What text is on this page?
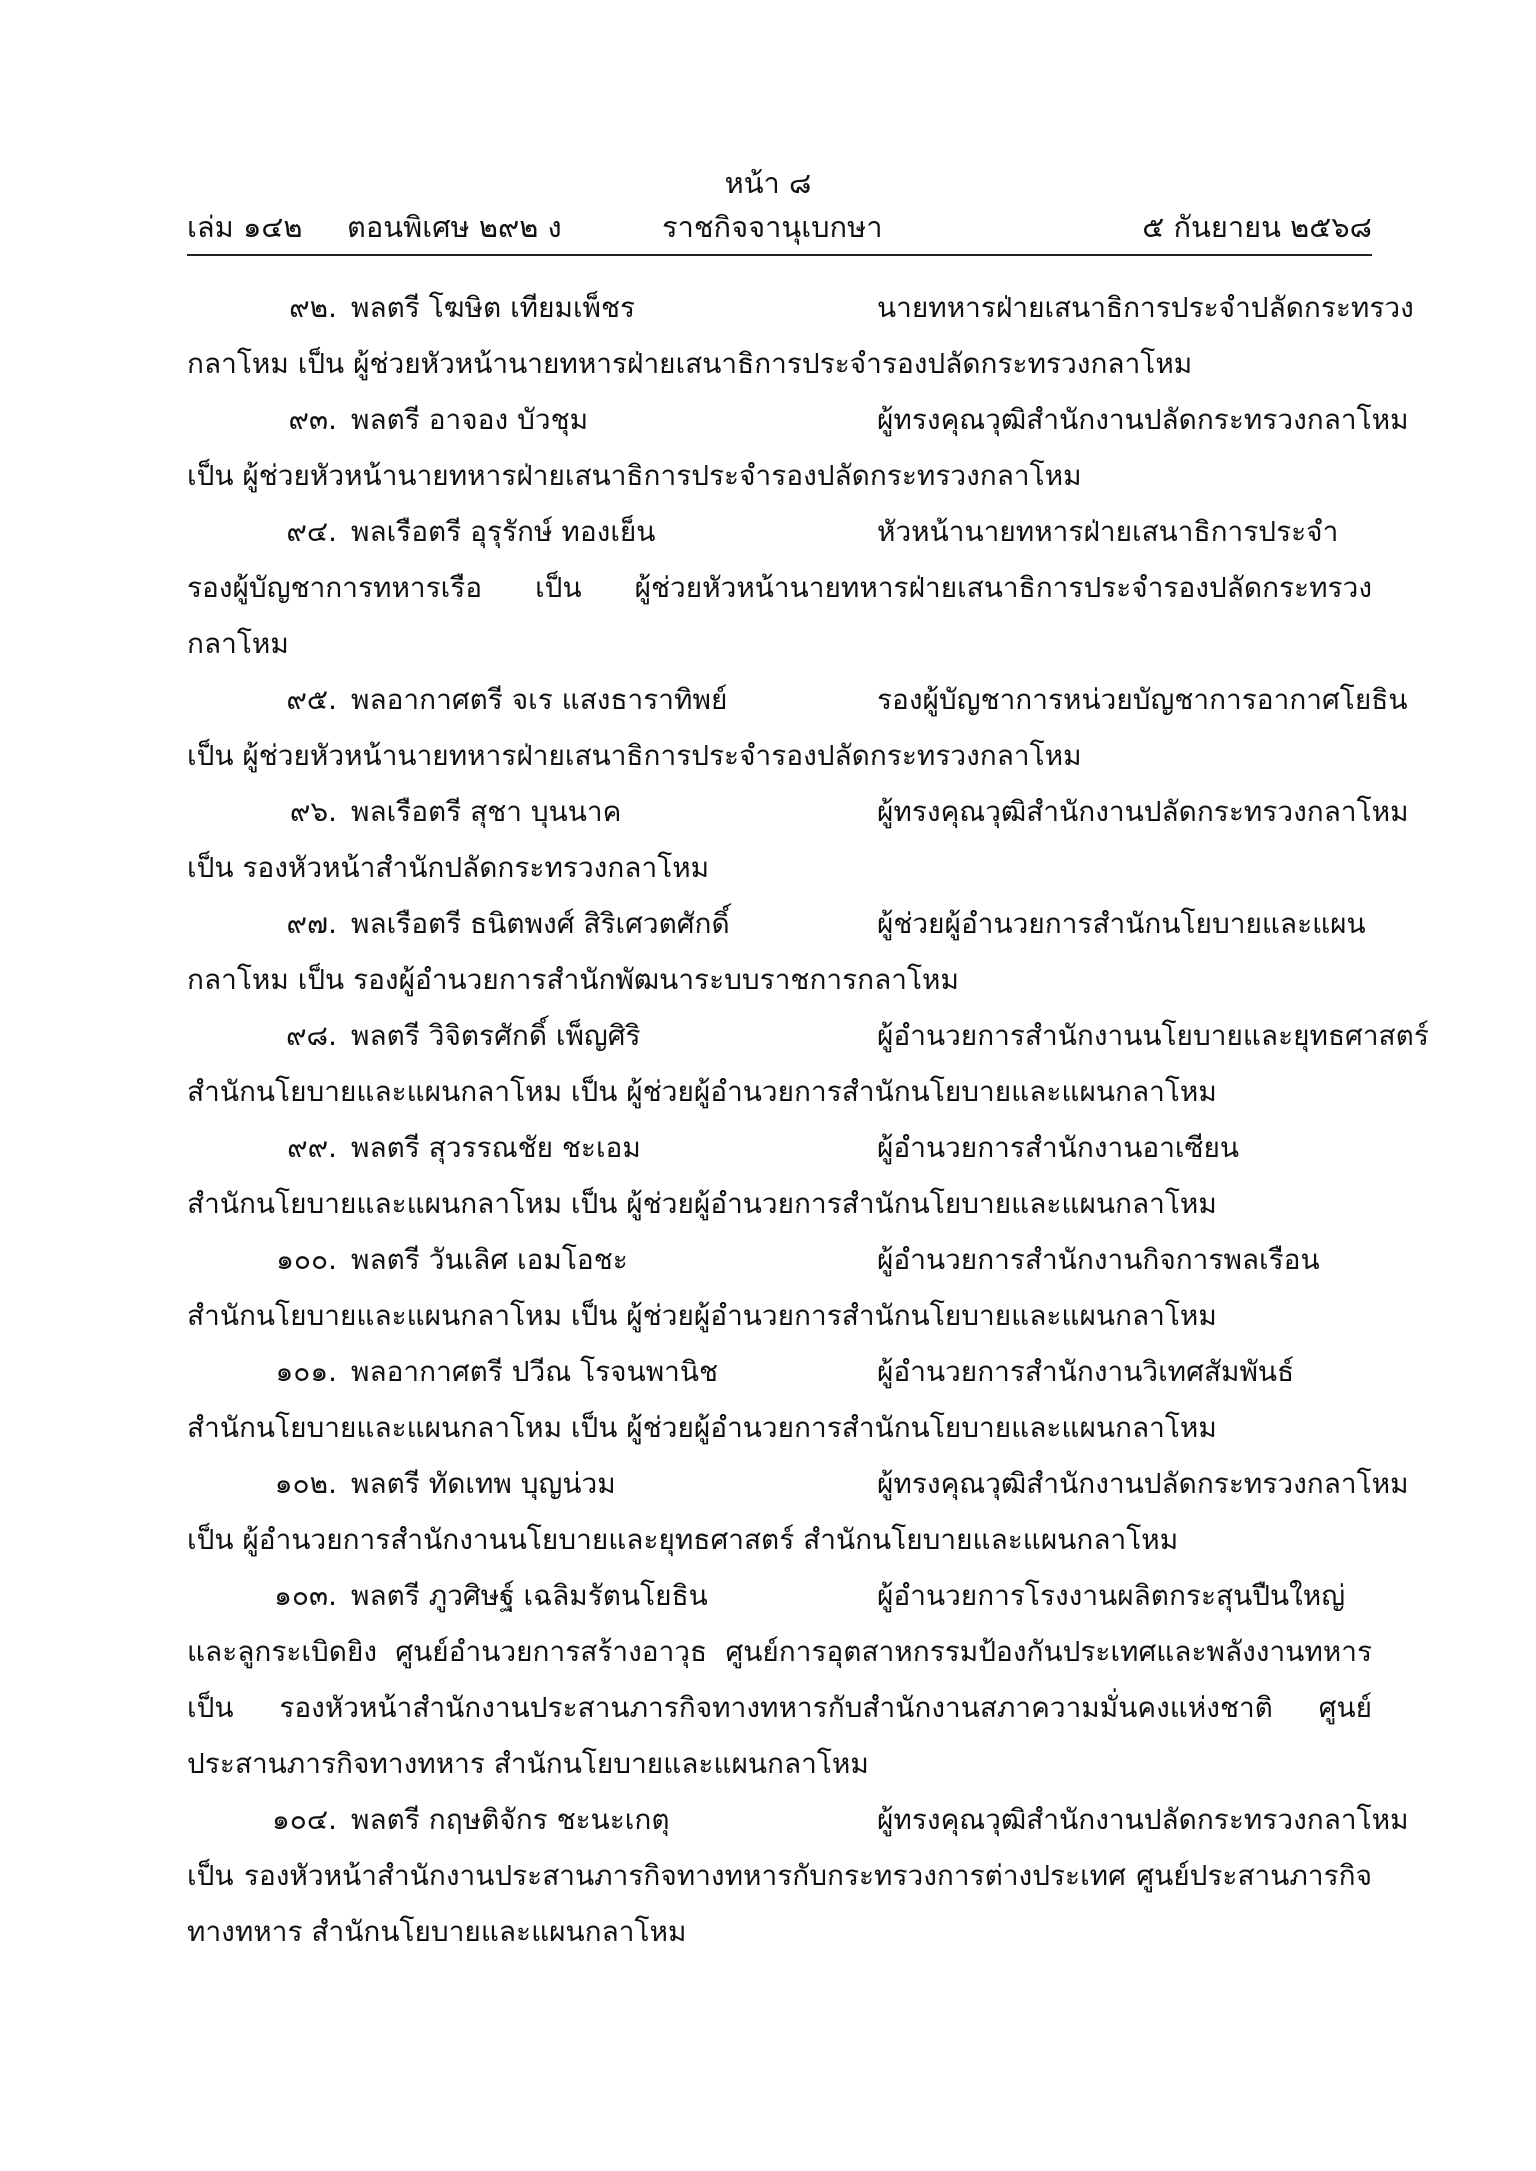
หน้า ๘
เล่ม ๑๔๒ ตอนพิเศษ ๒๙๒ ง	ราชกิจจานุเบกษา	๕ กันยายน ๒๕๖๘
๙๒. พลตรี โฆษิต เทียมเพ็ชร	นายทหารฝ่ายเสนาธิการประจำปลัดกระทรวง
กลาโหม เป็น ผู้ช่วยหัวหน้านายทหารฝ่ายเสนาธิการประจำรองปลัดกระทรวงกลาโหม
๙๓. พลตรี อาจอง บัวชุม	ผู้ทรงคุณวุฒิสำนักงานปลัดกระทรวงกลาโหม
เป็น ผู้ช่วยหัวหน้านายทหารฝ่ายเสนาธิการประจำรองปลัดกระทรวงกลาโหม
๙๔. พลเรือตรี อุรุรักษ์ ทองเย็น	หัวหน้านายทหารฝ่ายเสนาธิการประจำ
รองผู้บัญชาการทหารเรือ เป็น ผู้ช่วยหัวหน้านายทหารฝ่ายเสนาธิการประจำรองปลัดกระทรวงกลาโหม
๙๕. พลอากาศตรี จเร แสงธาราทิพย์	รองผู้บัญชาการหน่วยบัญชาการอากาศโยธิน
เป็น ผู้ช่วยหัวหน้านายทหารฝ่ายเสนาธิการประจำรองปลัดกระทรวงกลาโหม
๙๖. พลเรือตรี สุชา บุนนาค	ผู้ทรงคุณวุฒิสำนักงานปลัดกระทรวงกลาโหม
เป็น รองหัวหน้าสำนักปลัดกระทรวงกลาโหม
๙๗. พลเรือตรี ธนิตพงศ์ สิริเศวตศักดิ์	ผู้ช่วยผู้อำนวยการสำนักนโยบายและแผน
กลาโหม เป็น รองผู้อำนวยการสำนักพัฒนาระบบราชการกลาโหม
๙๘. พลตรี วิจิตรศักดิ์ เพ็ญศิริ	ผู้อำนวยการสำนักงานนโยบายและยุทธศาสตร์
สำนักนโยบายและแผนกลาโหม เป็น ผู้ช่วยผู้อำนวยการสำนักนโยบายและแผนกลาโหม
๙๙. พลตรี สุวรรณชัย ชะเอม	ผู้อำนวยการสำนักงานอาเซียน
สำนักนโยบายและแผนกลาโหม เป็น ผู้ช่วยผู้อำนวยการสำนักนโยบายและแผนกลาโหม
๑๐๐. พลตรี วันเลิศ เอมโอชะ	ผู้อำนวยการสำนักงานกิจการพลเรือน
สำนักนโยบายและแผนกลาโหม เป็น ผู้ช่วยผู้อำนวยการสำนักนโยบายและแผนกลาโหม
๑๐๑. พลอากาศตรี ปวีณ โรจนพานิช	ผู้อำนวยการสำนักงานวิเทศสัมพันธ์
สำนักนโยบายและแผนกลาโหม เป็น ผู้ช่วยผู้อำนวยการสำนักนโยบายและแผนกลาโหม
๑๐๒. พลตรี ทัดเทพ บุญน่วม	ผู้ทรงคุณวุฒิสำนักงานปลัดกระทรวงกลาโหม
เป็น ผู้อำนวยการสำนักงานนโยบายและยุทธศาสตร์ สำนักนโยบายและแผนกลาโหม
๑๐๓. พลตรี ภูวศิษฐ์ เฉลิมรัตนโยธิน	ผู้อำนวยการโรงงานผลิตกระสุนปืนใหญ่
และลูกระเบิดยิง ศูนย์อำนวยการสร้างอาวุธ ศูนย์การอุตสาหกรรมป้องกันประเทศและพลังงานทหาร เป็น รองหัวหน้าสำนักงานประสานภารกิจทางทหารกับสำนักงานสภาความมั่นคงแห่งชาติ ศูนย์ประสานภารกิจทางทหาร สำนักนโยบายและแผนกลาโหม
๑๐๔. พลตรี กฤษติจักร ชะนะเกตุ	ผู้ทรงคุณวุฒิสำนักงานปลัดกระทรวงกลาโหม
เป็น รองหัวหน้าสำนักงานประสานภารกิจทางทหารกับกระทรวงการต่างประเทศ ศูนย์ประสานภารกิจทางทหาร สำนักนโยบายและแผนกลาโหม
